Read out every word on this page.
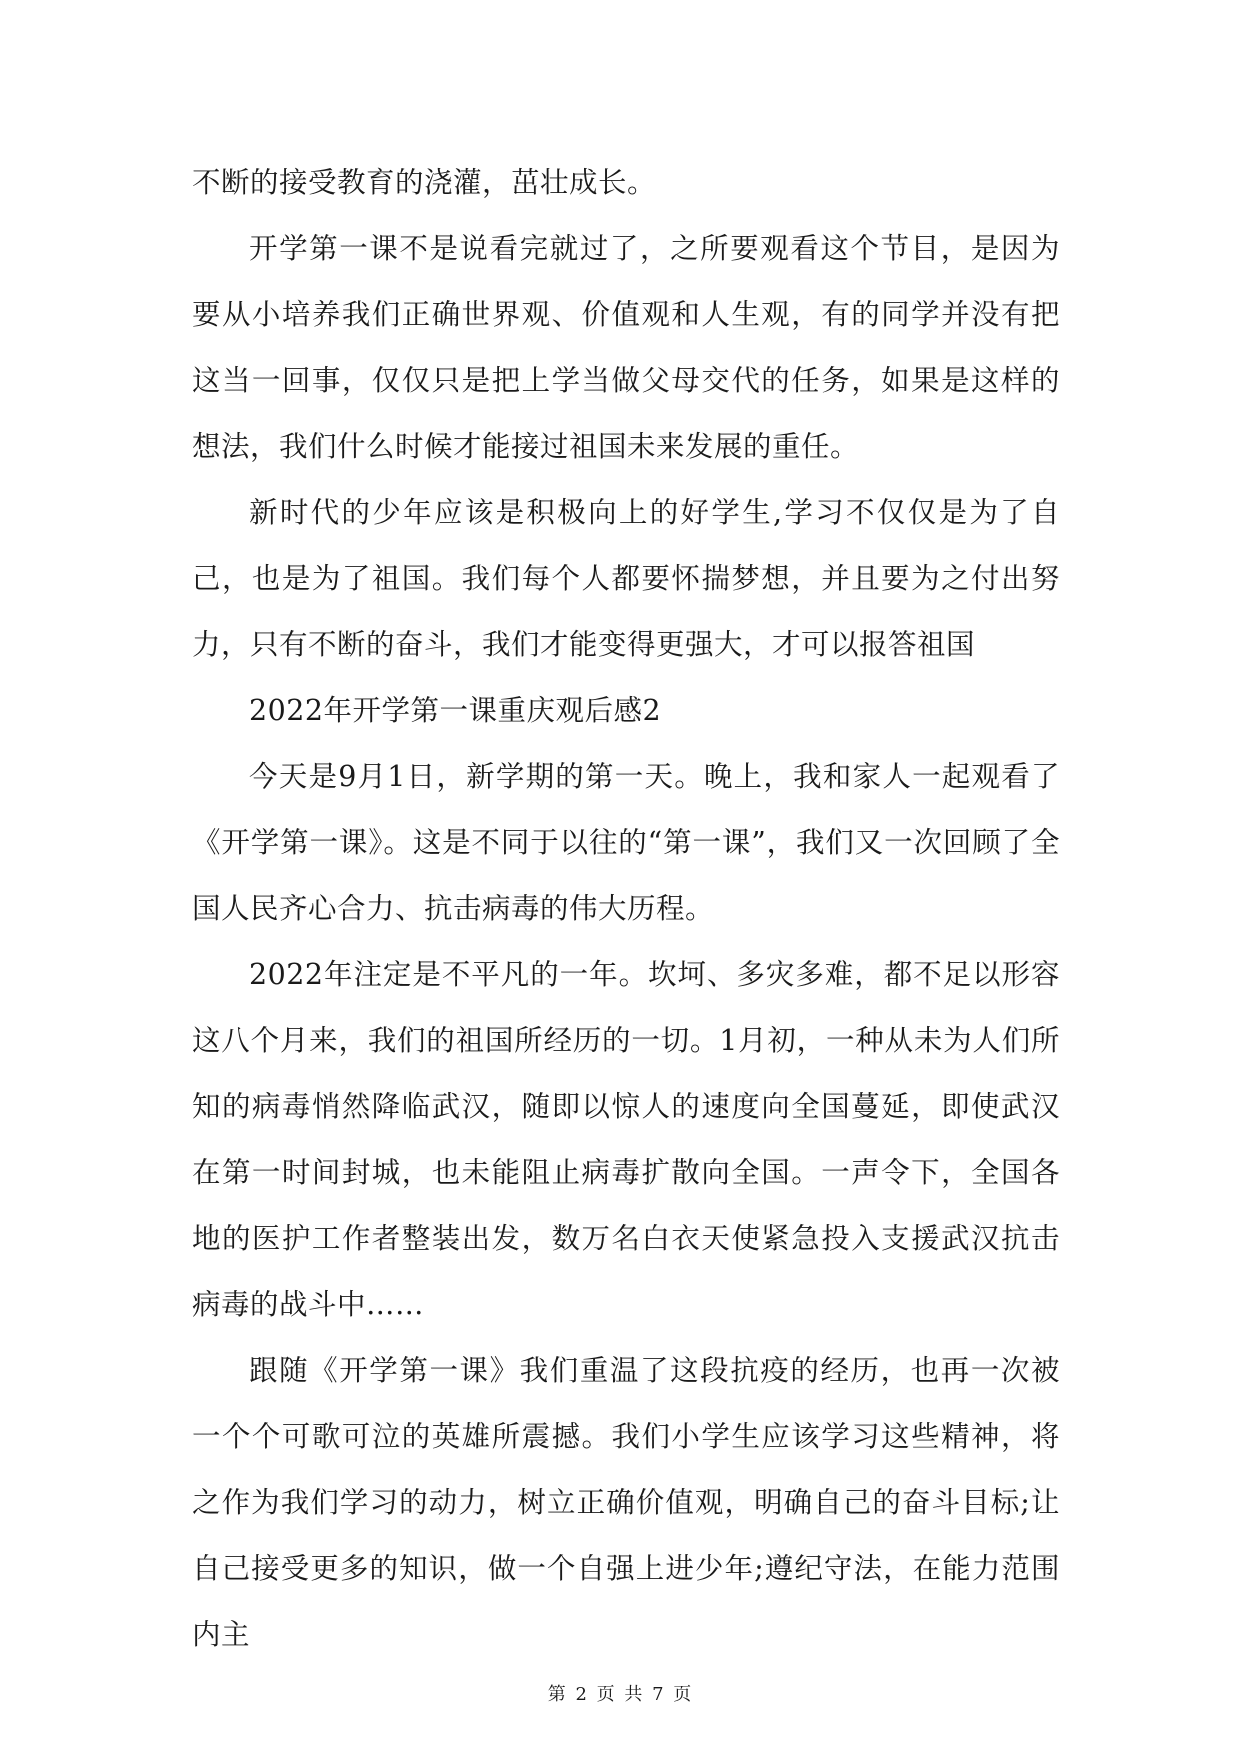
不断的接受教育的浇灌，茁壮成长。

开学第一课不是说看完就过了，之所要观看这个节目，是因为要从小培养我们正确世界观、价值观和人生观，有的同学并没有把这当一回事，仅仅只是把上学当做父母交代的任务，如果是这样的想法，我们什么时候才能接过祖国未来发展的重任。

新时代的少年应该是积极向上的好学生,学习不仅仅是为了自己，也是为了祖国。我们每个人都要怀揣梦想，并且要为之付出努力，只有不断的奋斗，我们才能变得更强大，才可以报答祖国

2022年开学第一课重庆观后感2

今天是9月1日，新学期的第一天。晚上，我和家人一起观看了《开学第一课》。这是不同于以往的“第一课”，我们又一次回顾了全国人民齐心合力、抗击病毒的伟大历程。

2022年注定是不平凡的一年。坎坷、多灾多难，都不足以形容这八个月来，我们的祖国所经历的一切。1月初，一种从未为人们所知的病毒悄然降临武汉，随即以惊人的速度向全国蔓延，即使武汉在第一时间封城，也未能阻止病毒扩散向全国。一声令下，全国各地的医护工作者整装出发，数万名白衣天使紧急投入支援武汉抗击病毒的战斗中……

跟随《开学第一课》我们重温了这段抗疫的经历，也再一次被一个个可歌可泣的英雄所震撼。我们小学生应该学习这些精神，将之作为我们学习的动力，树立正确价值观，明确自己的奋斗目标;让自己接受更多的知识，做一个自强上进少年;遵纪守法，在能力范围内主

第 2 页 共 7 页
